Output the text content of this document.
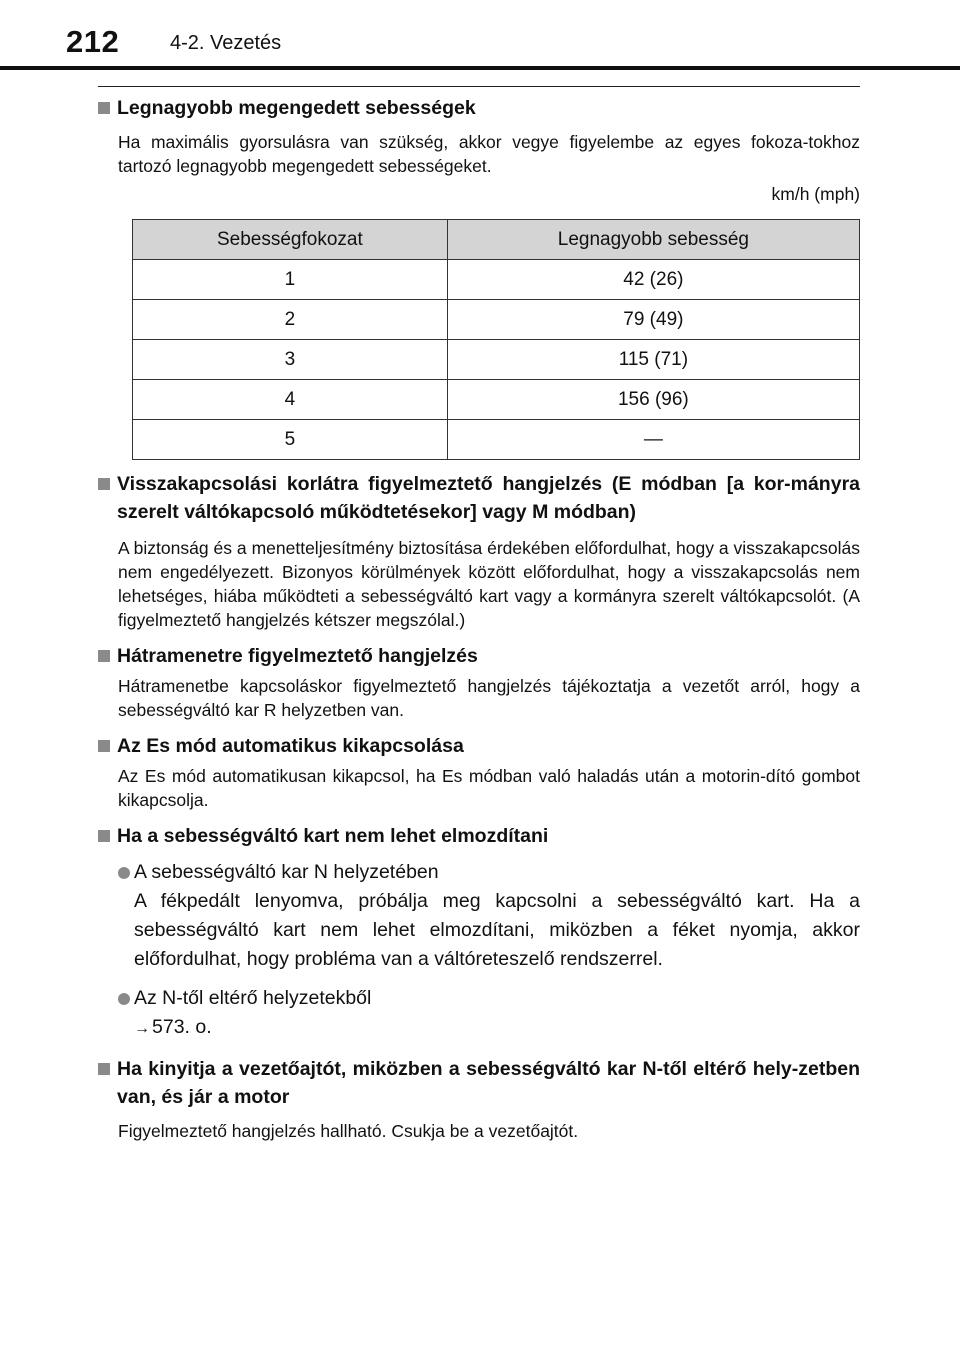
212	4-2. Vezetés
Legnagyobb megengedett sebességek
Ha maximális gyorsulásra van szükség, akkor vegye figyelembe az egyes fokoza-tokhoz tartozó legnagyobb megengedett sebességeket.
km/h (mph)
Sebességfokozat	Legnagyobb sebesség
1	42 (26)
2	79 (49)
3	115 (71)
4	156 (96)
5	—
Visszakapcsolási korlátra figyelmeztető hangjelzés (E módban [a kor-mányra szerelt váltókapcsoló működtetésekor] vagy M módban)
A biztonság és a menetteljesítmény biztosítása érdekében előfordulhat, hogy a visszakapcsolás nem engedélyezett. Bizonyos körülmények között előfordulhat, hogy a visszakapcsolás nem lehetséges, hiába működteti a sebességváltó kart vagy a kormányra szerelt váltókapcsolót. (A figyelmeztető hangjelzés kétszer megszólal.)
Hátramenetre figyelmeztető hangjelzés
Hátramenetbe kapcsoláskor figyelmeztető hangjelzés tájékoztatja a vezetőt arról, hogy a sebességváltó kar R helyzetben van.
Az Es mód automatikus kikapcsolása
Az Es mód automatikusan kikapcsol, ha Es módban való haladás után a motorin-dító gombot kikapcsolja.
Ha a sebességváltó kart nem lehet elmozdítani
A sebességváltó kar N helyzetében
A fékpedált lenyomva, próbálja meg kapcsolni a sebességváltó kart. Ha a sebességváltó kart nem lehet elmozdítani, miközben a féket nyomja, akkor előfordulhat, hogy probléma van a váltóreteszelő rendszerrel.
Az N-től eltérő helyzetekből
→ 573. o.
Ha kinyitja a vezetőajtót, miközben a sebességváltó kar N-től eltérő hely-zetben van, és jár a motor
Figyelmeztető hangjelzés hallható. Csukja be a vezetőajtót.
